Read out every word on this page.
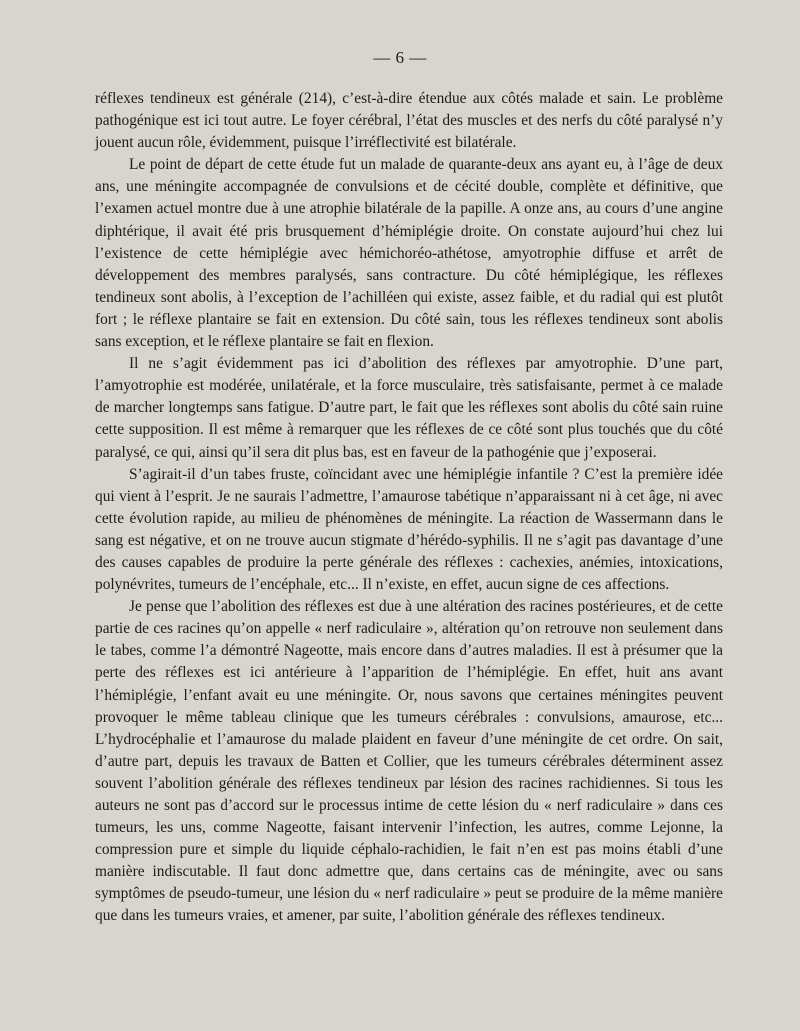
— 6 —

réflexes tendineux est générale (214), c’est-à-dire étendue aux côtés malade et sain. Le problème pathogénique est ici tout autre. Le foyer cérébral, l’état des muscles et des nerfs du côté paralysé n’y jouent aucun rôle, évidemment, puisque l’irréflectivité est bilatérale.

Le point de départ de cette étude fut un malade de quarante-deux ans ayant eu, à l’âge de deux ans, une méningite accompagnée de convulsions et de cécité double, complète et définitive, que l’examen actuel montre due à une atrophie bilatérale de la papille. A onze ans, au cours d’une angine diphtérique, il avait été pris brusquement d’hémiplégie droite. On constate aujourd’hui chez lui l’existence de cette hémiplégie avec hémichoréo-athétose, amyotrophie diffuse et arrêt de développement des membres paralysés, sans contracture. Du côté hémiplégique, les réflexes tendineux sont abolis, à l’exception de l’achilléen qui existe, assez faible, et du radial qui est plutôt fort ; le réflexe plantaire se fait en extension. Du côté sain, tous les réflexes tendineux sont abolis sans exception, et le réflexe plantaire se fait en flexion.

Il ne s’agit évidemment pas ici d’abolition des réflexes par amyotrophie. D’une part, l’amyotrophie est modérée, unilatérale, et la force musculaire, très satisfaisante, permet à ce malade de marcher longtemps sans fatigue. D’autre part, le fait que les réflexes sont abolis du côté sain ruine cette supposition. Il est même à remarquer que les réflexes de ce côté sont plus touchés que du côté paralysé, ce qui, ainsi qu’il sera dit plus bas, est en faveur de la pathogénie que j’exposerai.

S’agirait-il d’un tabes fruste, coïncidant avec une hémiplégie infantile ? C’est la première idée qui vient à l’esprit. Je ne saurais l’admettre, l’amaurose tabétique n’apparaissant ni à cet âge, ni avec cette évolution rapide, au milieu de phénomènes de méningite. La réaction de Wassermann dans le sang est négative, et on ne trouve aucun stigmate d’hérédo-syphilis. Il ne s’agit pas davantage d’une des causes capables de produire la perte générale des réflexes : cachexies, anémies, intoxications, polynévrites, tumeurs de l’encéphale, etc... Il n’existe, en effet, aucun signe de ces affections.

Je pense que l’abolition des réflexes est due à une altération des racines postérieures, et de cette partie de ces racines qu’on appelle « nerf radiculaire », altération qu’on retrouve non seulement dans le tabes, comme l’a démontré Nageotte, mais encore dans d’autres maladies. Il est à présumer que la perte des réflexes est ici antérieure à l’apparition de l’hémiplégie. En effet, huit ans avant l’hémiplégie, l’enfant avait eu une méningite. Or, nous savons que certaines méningites peuvent provoquer le même tableau clinique que les tumeurs cérébrales : convulsions, amaurose, etc... L’hydrocéphalie et l’amaurose du malade plaident en faveur d’une méningite de cet ordre. On sait, d’autre part, depuis les travaux de Batten et Collier, que les tumeurs cérébrales déterminent assez souvent l’abolition générale des réflexes tendineux par lésion des racines rachidiennes. Si tous les auteurs ne sont pas d’accord sur le processus intime de cette lésion du « nerf radiculaire » dans ces tumeurs, les uns, comme Nageotte, faisant intervenir l’infection, les autres, comme Lejonne, la compression pure et simple du liquide céphalo-rachidien, le fait n’en est pas moins établi d’une manière indiscutable. Il faut donc admettre que, dans certains cas de méningite, avec ou sans symptômes de pseudo-tumeur, une lésion du « nerf radiculaire » peut se produire de la même manière que dans les tumeurs vraies, et amener, par suite, l’abolition générale des réflexes tendineux.
